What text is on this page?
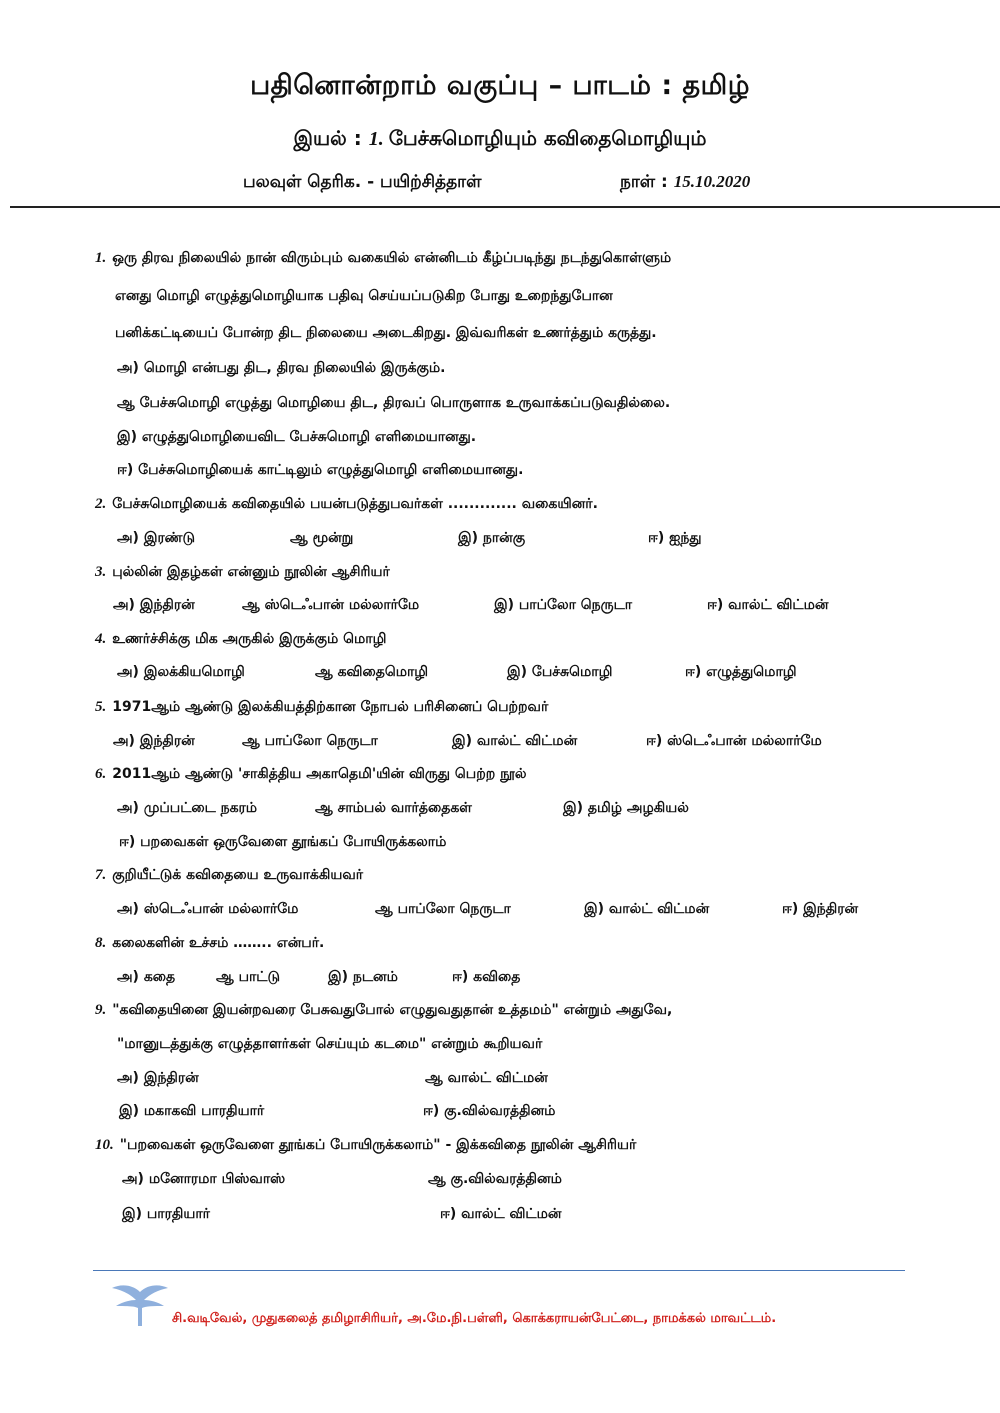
பதினொன்றாம் வகுப்பு – பாடம் : தமிழ்
இயல் : 1. பேச்சுமொழியும் கவிதைமொழியும்
பலவுள் தெரிக. - பயிற்சித்தாள்	நாள் : 15.10.2020
1. ஒரு திரவ நிலையில் நான் விரும்பும் வகையில் என்னிடம் கீழ்ப்படிந்து நடந்துகொள்ளும்
எனது மொழி எழுத்துமொழியாக பதிவு செய்யப்படுகிற போது உறைந்துபோன
பனிக்கட்டியைப் போன்ற திட நிலையை அடைகிறது. இவ்வரிகள் உணர்த்தும் கருத்து.
அ) மொழி என்பது திட, திரவ நிலையில் இருக்கும்.
ஆ பேச்சுமொழி எழுத்து மொழியை திட, திரவப் பொருளாக உருவாக்கப்படுவதில்லை.
இ) எழுத்துமொழியைவிட பேச்சுமொழி எளிமையானது.
ஈ) பேச்சுமொழியைக் காட்டிலும் எழுத்துமொழி எளிமையானது.
2. பேச்சுமொழியைக் கவிதையில் பயன்படுத்துபவர்கள் ............. வகையினர்.
அ) இரண்டு	ஆ மூன்று	இ) நான்கு	ஈ) ஐந்து
3. புல்லின் இதழ்கள் என்னும் நூலின் ஆசிரியர்
அ) இந்திரன்	ஆ ஸ்டெஃபான் மல்லார்மே	இ) பாப்லோ நெருடா	ஈ) வால்ட் விட்மன்
4. உணர்ச்சிக்கு மிக அருகில் இருக்கும் மொழி
அ) இலக்கியமொழி	ஆ கவிதைமொழி	இ) பேச்சுமொழி	ஈ) எழுத்துமொழி
5. 1971ஆம் ஆண்டு இலக்கியத்திற்கான நோபல் பரிசினைப் பெற்றவர்
அ) இந்திரன்	ஆ பாப்லோ நெருடா	இ) வால்ட் விட்மன்	ஈ) ஸ்டெஃபான் மல்லார்மே
6. 2011ஆம் ஆண்டு 'சாகித்திய அகாதெமி'யின் விருது பெற்ற நூல்
அ) முப்பட்டை நகரம்	ஆ சாம்பல் வார்த்தைகள்	இ) தமிழ் அழகியல்
ஈ) பறவைகள் ஒருவேளை தூங்கப் போயிருக்கலாம்
7. குறியீட்டுக் கவிதையை உருவாக்கியவர்
அ) ஸ்டெஃபான் மல்லார்மே	ஆ பாப்லோ நெருடா	இ) வால்ட் விட்மன்	ஈ) இந்திரன்
8. கலைகளின் உச்சம் …….. என்பர்.
அ) கதை	ஆ பாட்டு	இ) நடனம்	ஈ) கவிதை
9. "கவிதையினை இயன்றவரை பேசுவதுபோல் எழுதுவதுதான் உத்தமம்" என்றும் அதுவே,
"மானுடத்துக்கு எழுத்தாளர்கள் செய்யும் கடமை" என்றும் கூறியவர்
அ) இந்திரன்	ஆ வால்ட் விட்மன்
இ) மகாகவி பாரதியார்	ஈ) கு.வில்வரத்தினம்
10. "பறவைகள் ஒருவேளை தூங்கப் போயிருக்கலாம்" - இக்கவிதை நூலின் ஆசிரியர்
அ) மனோரமா பிஸ்வாஸ்	ஆ கு.வில்வரத்தினம்
இ) பாரதியார்	ஈ) வால்ட் விட்மன்
சி.வடிவேல், முதுகலைத் தமிழாசிரியர், அ.மே.நி.பள்ளி, கொக்கராயன்பேட்டை, நாமக்கல் மாவட்டம்.
